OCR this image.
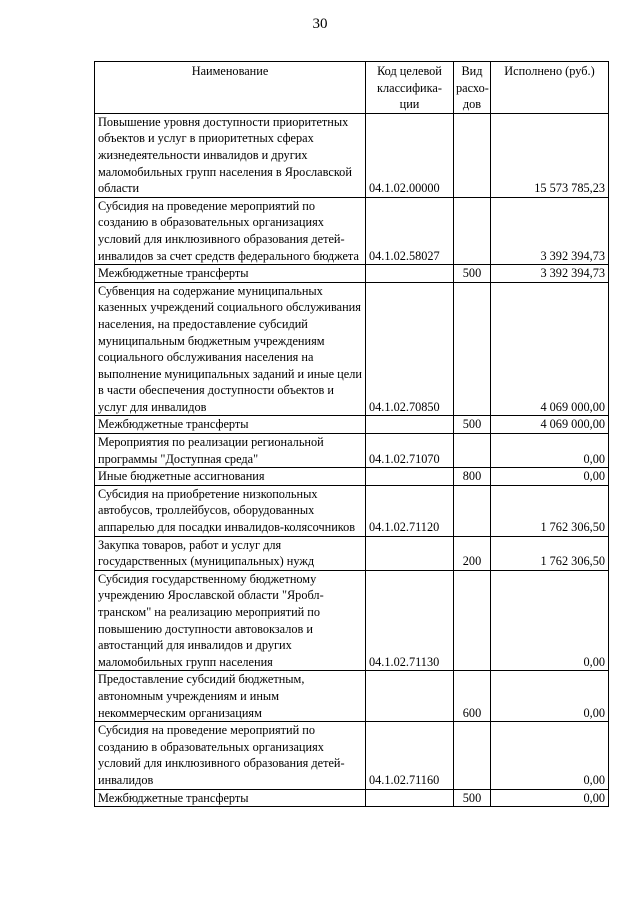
30
Наименование	Код целевой классифика- ции	Вид расхо- дов	Исполнено (руб.)
Повышение уровня доступности приоритетных объектов и услуг в приоритетных сферах жизнедеятельности инвалидов и других маломобильных групп населения в Ярославской области	04.1.02.00000		15 573 785,23
Субсидия на проведение мероприятий по созданию в образовательных организациях условий для инклюзивного образования детей-инвалидов за счет средств федерального бюджета	04.1.02.58027		3 392 394,73
Межбюджетные трансферты		500	3 392 394,73
Субвенция на содержание муниципальных казенных учреждений социального обслуживания населения, на предоставление субсидий муниципальным бюджетным учреждениям социального обслуживания населения на выполнение муниципальных заданий и иные цели в части обеспечения доступности объектов и услуг для инвалидов	04.1.02.70850		4 069 000,00
Межбюджетные трансферты		500	4 069 000,00
Мероприятия по реализации региональной программы "Доступная среда"	04.1.02.71070		0,00
Иные бюджетные ассигнования		800	0,00
Субсидия на приобретение низкопольных автобусов, троллейбусов, оборудованных аппарелью для посадки инвалидов-колясочников	04.1.02.71120		1 762 306,50
Закупка товаров, работ и услуг для государственных (муниципальных) нужд		200	1 762 306,50
Субсидия государственному бюджетному учреждению Ярославской области "Яроблтранском" на реализацию мероприятий по повышению доступности автовокзалов и автостанций для инвалидов и других маломобильных групп населения	04.1.02.71130		0,00
Предоставление субсидий бюджетным, автономным учреждениям и иным некоммерческим организациям		600	0,00
Субсидия на проведение мероприятий по созданию в образовательных организациях условий для инклюзивного образования детей-инвалидов	04.1.02.71160		0,00
Межбюджетные трансферты		500	0,00
